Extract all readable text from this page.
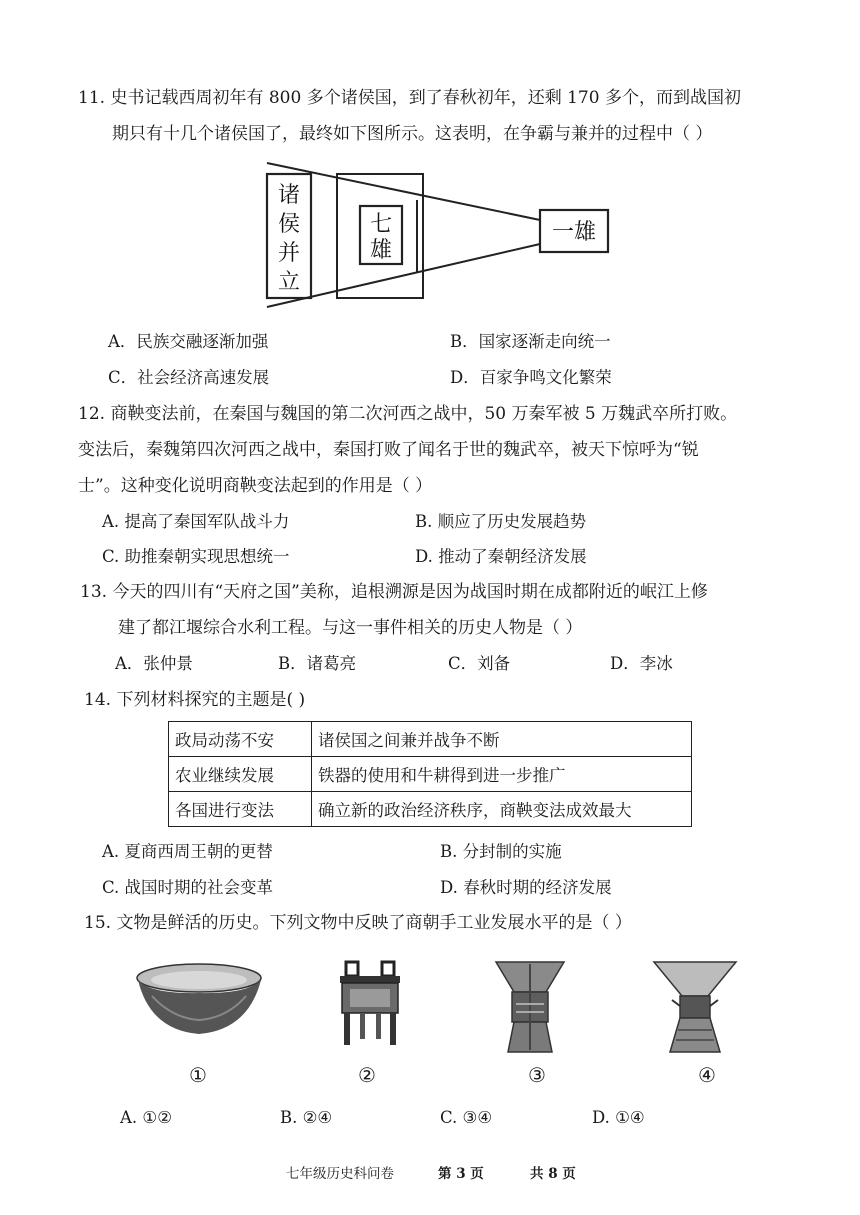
11. 史书记载西周初年有 800 多个诸侯国，到了春秋初年，还剩 170 多个，而到战国初
期只有十几个诸侯国了，最终如下图所示。这表明，在争霸与兼并的过程中（ ）
诸
侯
并
立
七
雄
一雄
A．民族交融逐渐加强	B．国家逐渐走向统一
C．社会经济高速发展	D．百家争鸣文化繁荣
12. 商鞅变法前，在秦国与魏国的第二次河西之战中，50 万秦军被 5 万魏武卒所打败。
变法后，秦魏第四次河西之战中，秦国打败了闻名于世的魏武卒，被天下惊呼为“锐
士”。这种变化说明商鞅变法起到的作用是（ ）
A. 提高了秦国军队战斗力	B. 顺应了历史发展趋势
C. 助推秦朝实现思想统一	D. 推动了秦朝经济发展
13. 今天的四川有“天府之国”美称，追根溯源是因为战国时期在成都附近的岷江上修
建了都江堰综合水利工程。与这一事件相关的历史人物是（ ）
A．张仲景	B．诸葛亮	C．刘备	D．李冰
14. 下列材料探究的主题是( )
政局动荡不安	诸侯国之间兼并战争不断
农业继续发展	铁器的使用和牛耕得到进一步推广
各国进行变法	确立新的政治经济秩序，商鞅变法成效最大
A. 夏商西周王朝的更替	B. 分封制的实施
C. 战国时期的社会变革	D. 春秋时期的经济发展
15. 文物是鲜活的历史。下列文物中反映了商朝手工业发展水平的是（ ）
①	②	③	④
A. ①②	B. ②④	C. ③④	D. ①④
七年级历史科问卷	第 3 页	共 8 页
